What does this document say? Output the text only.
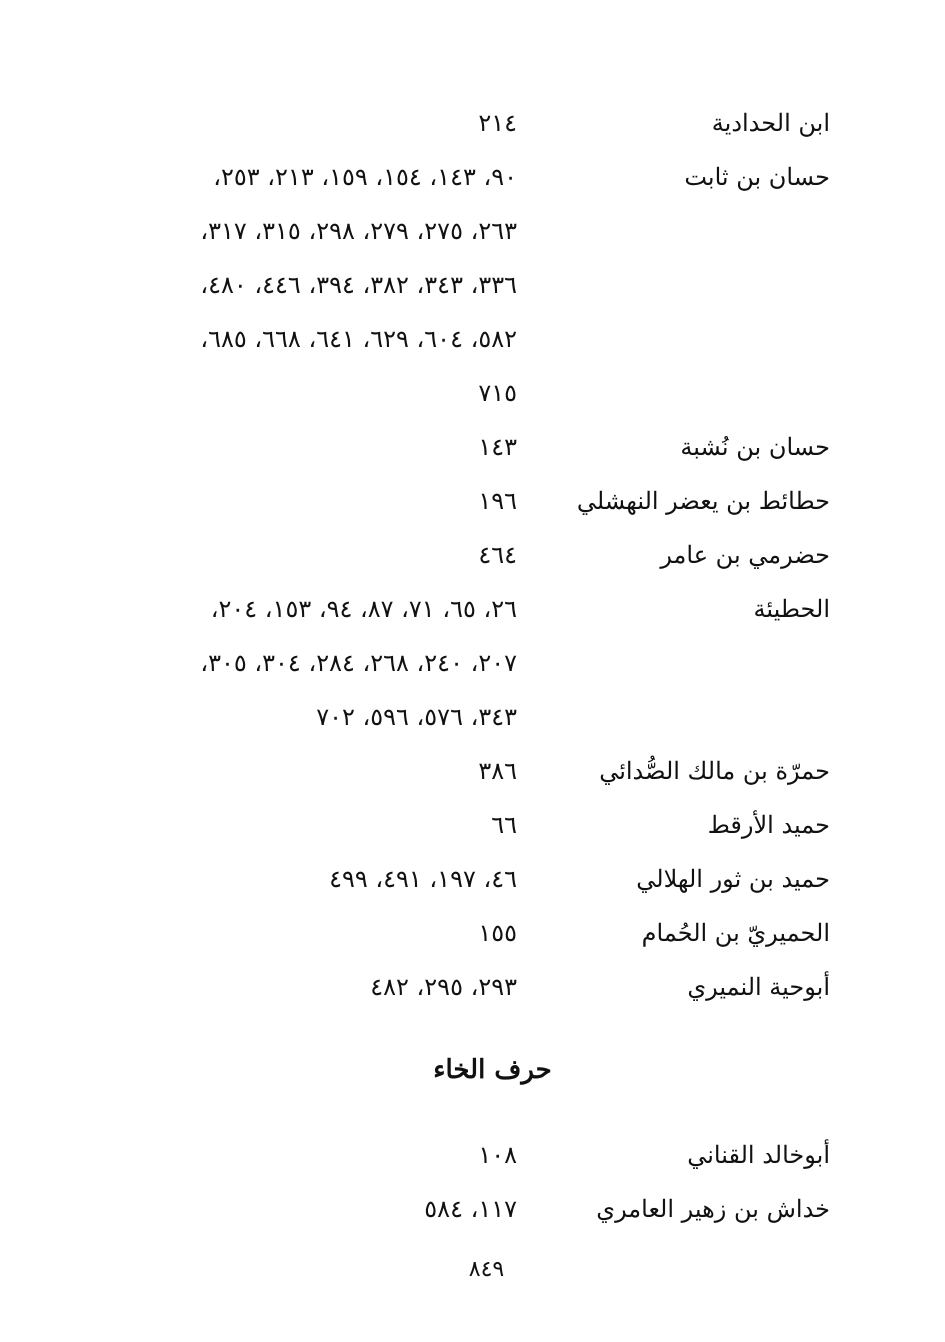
ابن الحدادية
٢١٤
حسان بن ثابت
٩٠، ١٤٣، ١٥٤، ١٥٩، ٢١٣، ٢٥٣،
٢٦٣، ٢٧٥، ٢٧٩، ٢٩٨، ٣١٥، ٣١٧،
٣٣٦، ٣٤٣، ٣٨٢، ٣٩٤، ٤٤٦، ٤٨٠،
٥٨٢، ٦٠٤، ٦٢٩، ٦٤١، ٦٦٨، ٦٨٥،
٧١٥
حسان بن نُشبة
١٤٣
حطائط بن يعضر النهشلي
١٩٦
حضرمي بن عامر
٤٦٤
الحطيئة
٢٦، ٦٥، ٧١، ٨٧، ٩٤، ١٥٣، ٢٠٤،
٢٠٧، ٢٤٠، ٢٦٨، ٢٨٤، ٣٠٤، ٣٠٥،
٣٤٣، ٥٧٦، ٥٩٦، ٧٠٢
حمرّة بن مالك الصُّدائي
٣٨٦
حميد الأرقط
٦٦
حميد بن ثور الهلالي
٤٦، ١٩٧، ٤٩١، ٤٩٩
الحميريّ بن الحُمام
١٥٥
أبوحية النميري
٢٩٣، ٢٩٥، ٤٨٢
حرف الخاء
أبوخالد القناني
١٠٨
خداش بن زهير العامري
١١٧، ٥٨٤
٨٤٩
